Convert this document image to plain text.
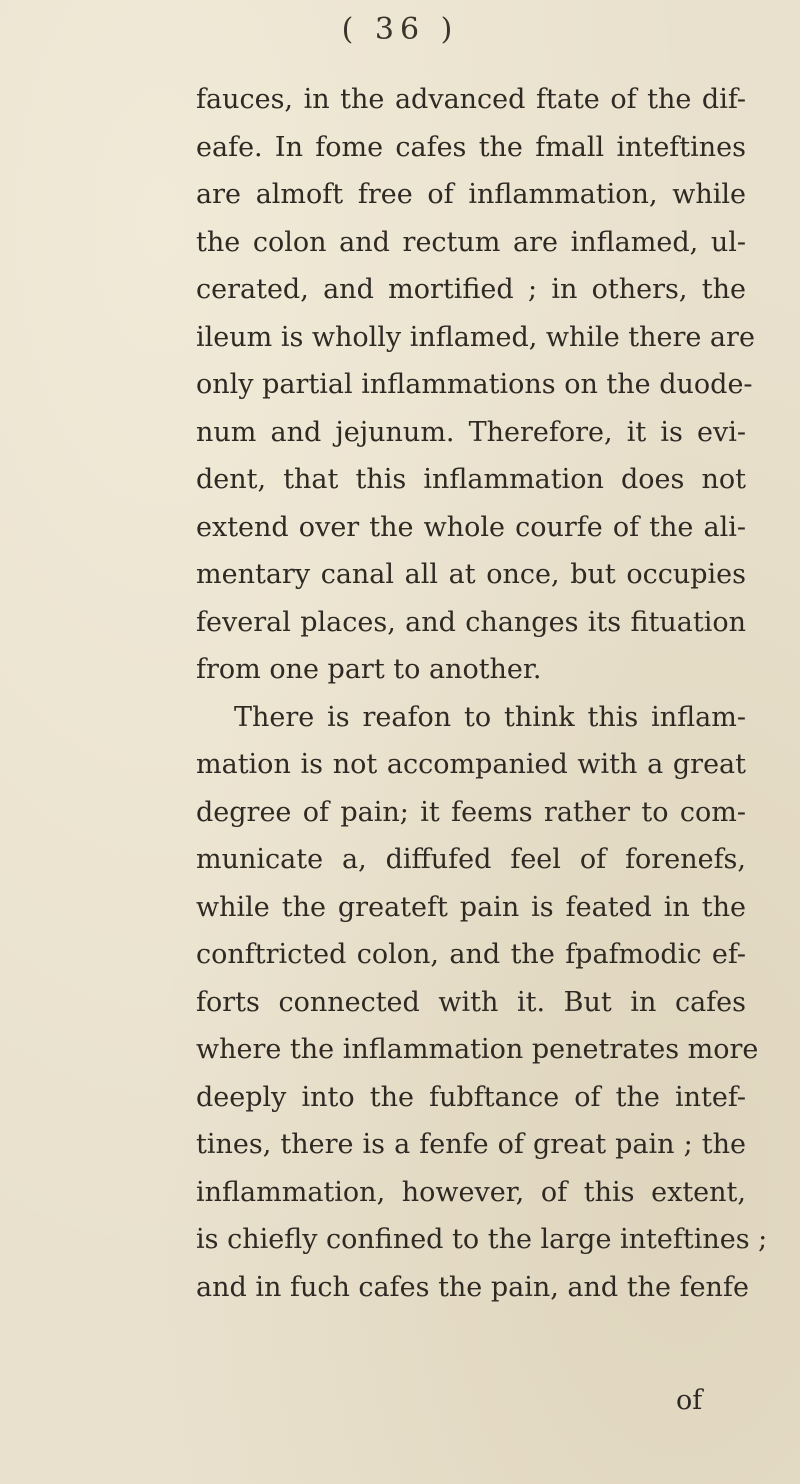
( 36 )
fauces, in the advanced ftate of the dif-
eafe. In fome cafes the fmall inteftines
are almoft free of inflammation, while
the colon and rectum are inflamed, ul-
cerated, and mortified ; in others, the
ileum is wholly inflamed, while there are
only partial inflammations on the duode-
num and jejunum. Therefore, it is evi-
dent, that this inflammation does not
extend over the whole courfe of the ali-
mentary canal all at once, but occupies
feveral places, and changes its fituation
from one part to another.
There is reafon to think this inflam-
mation is not accompanied with a great
degree of pain; it feems rather to com-
municate a, diffufed feel of forenefs,
while the greateft pain is feated in the
conftricted colon, and the fpafmodic ef-
forts connected with it. But in cafes
where the inflammation penetrates more
deeply into the fubftance of the intef-
tines, there is a fenfe of great pain ; the
inflammation, however, of this extent,
is chiefly confined to the large inteftines ;
and in fuch cafes the pain, and the fenfe
of
